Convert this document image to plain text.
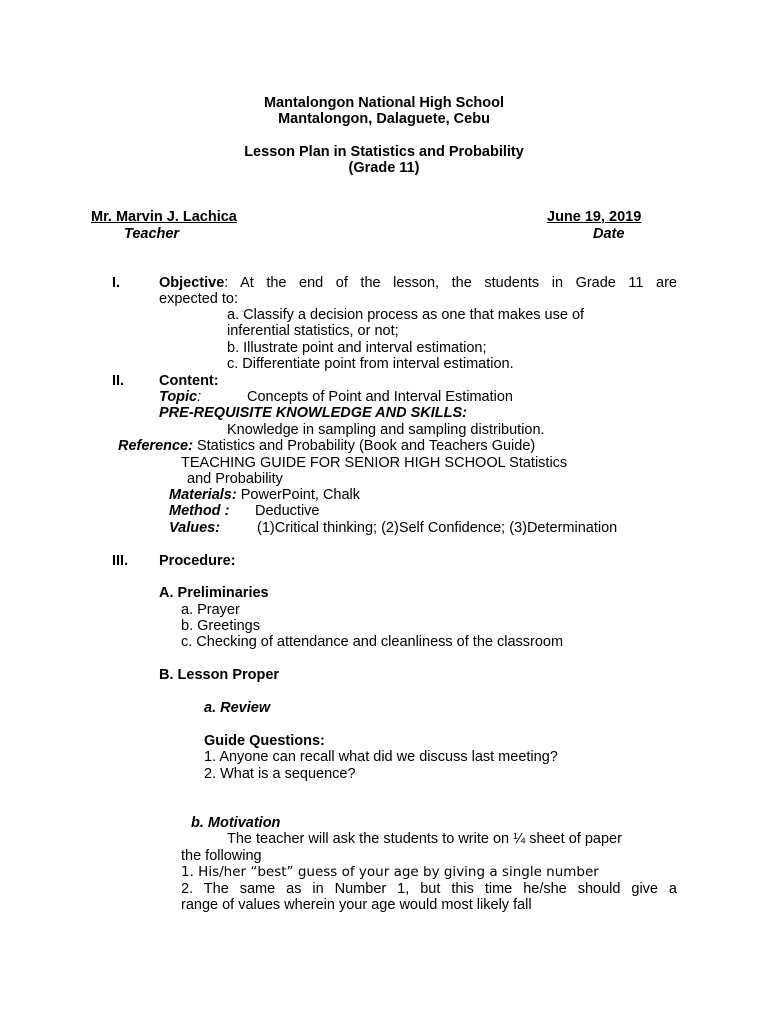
Mantalongon National High School
Mantalongon, Dalaguete, Cebu
Lesson Plan in Statistics and Probability
(Grade 11)
Mr. Marvin J. Lachica
Teacher
June 19, 2019
Date
I.	Objective: At the end of the lesson, the students in Grade 11 are
expected to:
a. Classify a decision process as one that makes use of
inferential statistics, or not;
b. Illustrate point and interval estimation;
c. Differentiate point from interval estimation.
II. Content:
Topic:	Concepts of Point and Interval Estimation
PRE-REQUISITE KNOWLEDGE AND SKILLS:
Knowledge in sampling and sampling distribution.
Reference: Statistics and Probability (Book and Teachers Guide)
TEACHING GUIDE FOR SENIOR HIGH SCHOOL Statistics
and Probability
Materials: PowerPoint, Chalk
Method : Deductive
Values:	(1)Critical thinking; (2)Self Confidence; (3)Determination
III. Procedure:
A. Preliminaries
a. Prayer
b. Greetings
c. Checking of attendance and cleanliness of the classroom
B. Lesson Proper
a. Review
Guide Questions:
1. Anyone can recall what did we discuss last meeting?
2. What is a sequence?
b. Motivation
The teacher will ask the students to write on ¼ sheet of paper
the following
1. His/her “best” guess of your age by giving a single number
2. The same as in Number 1, but this time he/she should give a
range of values wherein your age would most likely fall
